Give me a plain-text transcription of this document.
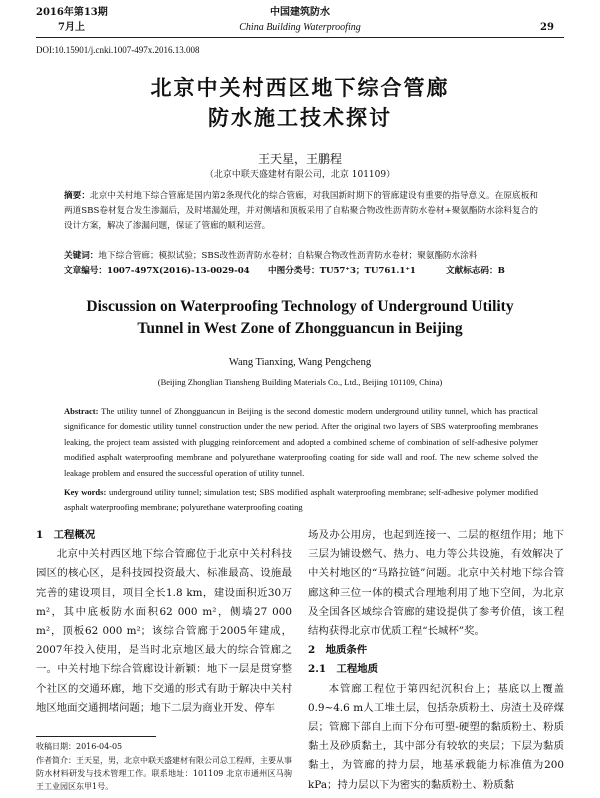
2016年第13期
7月上
中国建筑防水
China Building Waterproofing	29
DOI:10.15901/j.cnki.1007-497x.2016.13.008
北京中关村西区地下综合管廊
防水施工技术探讨
王天星，王鹏程
（北京中联天盛建材有限公司，北京 101109）
摘要：北京中关村地下综合管廊是国内第2条现代化的综合管廊，对我国新时期下的管廊建设有重要的指导意义。在原底板和两道SBS卷材复合发生渗漏后，及时堵漏处理，并对侧墙和顶板采用了自粘聚合物改性沥青防水卷材+聚氨酯防水涂料复合的设计方案，解决了渗漏问题，保证了管廊的顺利运营。
关键词：地下综合管廊；模拟试验；SBS改性沥青防水卷材；自粘聚合物改性沥青防水卷材；聚氨酯防水涂料
文章编号：1007-497X(2016)-13-0029-04 中图分类号：TU57⁺3；TU761.1⁺1	文献标志码：B
Discussion on Waterproofing Technology of Underground Utility
Tunnel in West Zone of Zhongguancun in Beijing
Wang Tianxing, Wang Pengcheng
(Beijing Zhonglian Tiansheng Building Materials Co., Ltd., Beijing 101109, China)
Abstract: The utility tunnel of Zhongguancun in Beijing is the second domestic modern underground utility tunnel, which has practical significance for domestic utility tunnel construction under the new period. After the original two layers of SBS waterproofing membranes leaking, the project team assisted with plugging reinforcement and adopted a combined scheme of combination of self-adhesive polymer modified asphalt waterproofing membrane and polyurethane waterproofing coating for side wall and roof. The new scheme solved the leakage problem and ensured the successful operation of utility tunnel.
Key words: underground utility tunnel; simulation test; SBS modified asphalt waterproofing membrane; self-adhesive polymer modified asphalt waterproofing membrane; polyurethane waterproofing coating
1　工程概况

北京中关村西区地下综合管廊位于北京中关村科技园区的核心区，是科技园投资最大、标准最高、设施最完善的建设项目，项目全长1.8 km，建设面积近30万m²，其中底板防水面积62 000 m²，侧墙27 000 m²，顶板62 000 m²；该综合管廊于2005年建成，2007年投入使用，是当时北京地区最大的综合管廊之一。中关村地下综合管廊设计新颖：地下一层是贯穿整个社区的交通环廊，地下交通的形式有助于解决中关村地区地面交通拥堵问题；地下二层为商业开发、停车

收稿日期：2016-04-05
作者简介：王天星，男，北京中联天盛建材有限公司总工程师，主要从事防水材料研发与技术管理工作。联系地址：101109 北京市通州区马驹王工业园区东甲1号。

场及办公用房，也起到连接一、二层的枢纽作用；地下三层为铺设燃气、热力、电力等公共设施，有效解决了中关村地区的“马路拉链”问题。北京中关村地下综合管廊这种三位一体的模式合理地利用了地下空间，为北京及全国各区域综合管廊的建设提供了参考价值，该工程结构获得北京市优质工程“长城杯”奖。

2　地质条件
2.1　工程地质

本管廊工程位于第四纪沉积台上；基底以上覆盖0.9~4.6 m人工堆土层，包括杂质粉土、房渣土及碎煤层；管廊下部自上而下分布可塑-硬塑的黏质粉土、粉质黏土及砂质黏土，其中部分有较软的夹层；下层为黏质黏土，为管廊的持力层，地基承载能力标准值为200 kPa；持力层以下为密实的黏质粉土、粉质黏
